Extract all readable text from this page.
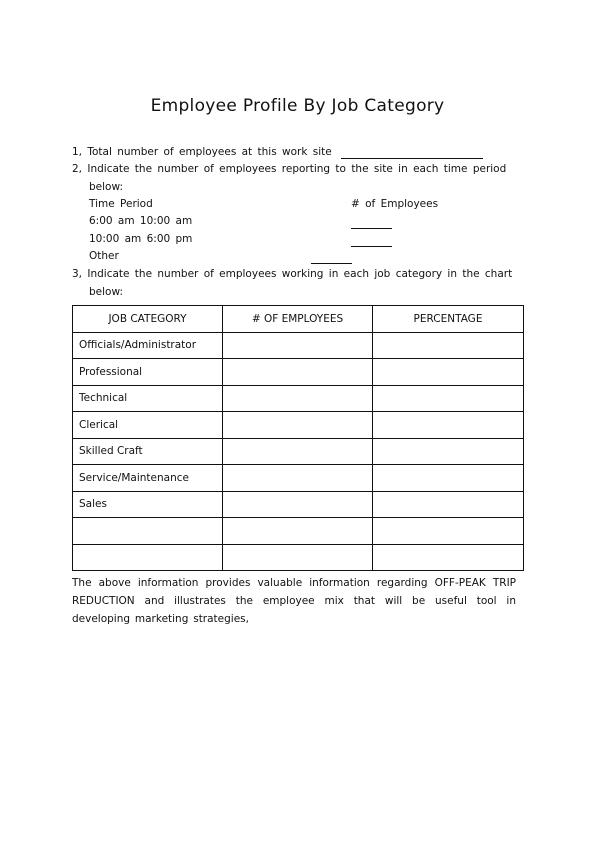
Employee Profile By Job Category
1, Total number of employees at this work site
2, Indicate the number of employees reporting to the site in each time period
below:
Time Period	# of Employees
6:00 am 10:00 am
10:00 am 6:00 pm
Other
3, Indicate the number of employees working in each job category in the chart
below:
JOB CATEGORY	# OF EMPLOYEES	PERCENTAGE
Officials/Administrator		
Professional		
Technical		
Clerical		
Skilled Craft		
Service/Maintenance		
Sales		

The above information provides valuable information regarding OFF-PEAK TRIP REDUCTION and illustrates the employee mix that will be useful tool in developing marketing strategies,
